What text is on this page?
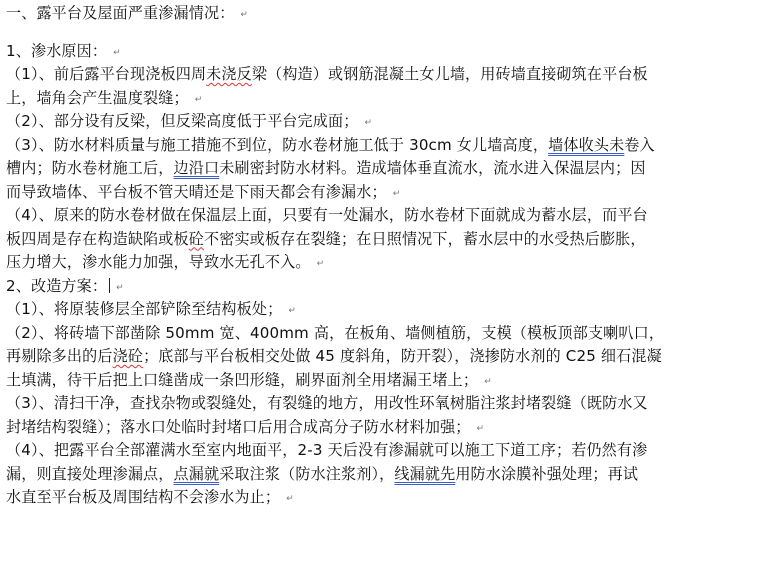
一、露平台及屋面严重渗漏情况： ↵
1、渗水原因： ↵
（1）、前后露平台现浇板四周未浇反梁（构造）或钢筋混凝土女儿墙，用砖墙直接砌筑在平台板
上，墙角会产生温度裂缝； ↵
（2）、部分设有反梁，但反梁高度低于平台完成面； ↵
（3）、防水材料质量与施工措施不到位，防水卷材施工低于 30cm 女儿墙高度，墙体收头未卷入
槽内；防水卷材施工后，边沿口未刷密封防水材料。造成墙体垂直流水，流水进入保温层内；因
而导致墙体、平台板不管天晴还是下雨天都会有渗漏水； ↵
（4）、原来的防水卷材做在保温层上面，只要有一处漏水，防水卷材下面就成为蓄水层，而平台
板四周是存在构造缺陷或板砼不密实或板存在裂缝；在日照情况下，蓄水层中的水受热后膨胀，
压力增大，渗水能力加强，导致水无孔不入。 ↵
2、改造方案： ↵
（1）、将原装修层全部铲除至结构板处； ↵
（2）、将砖墙下部凿除 50mm 宽、400mm 高，在板角、墙侧植筋，支模（模板顶部支喇叭口，
再剔除多出的后浇砼；底部与平台板相交处做 45 度斜角，防开裂），浇掺防水剂的 C25 细石混凝
土填满，待干后把上口缝凿成一条凹形缝，刷界面剂全用堵漏王堵上； ↵
（3）、清扫干净，查找杂物或裂缝处，有裂缝的地方，用改性环氧树脂注浆封堵裂缝（既防水又
封堵结构裂缝）；落水口处临时封堵口后用合成高分子防水材料加强； ↵
（4）、把露平台全部灌满水至室内地面平，2-3 天后没有渗漏就可以施工下道工序；若仍然有渗
漏，则直接处理渗漏点，点漏就采取注浆（防水注浆剂），线漏就先用防水涂膜补强处理；再试
水直至平台板及周围结构不会渗水为止； ↵
